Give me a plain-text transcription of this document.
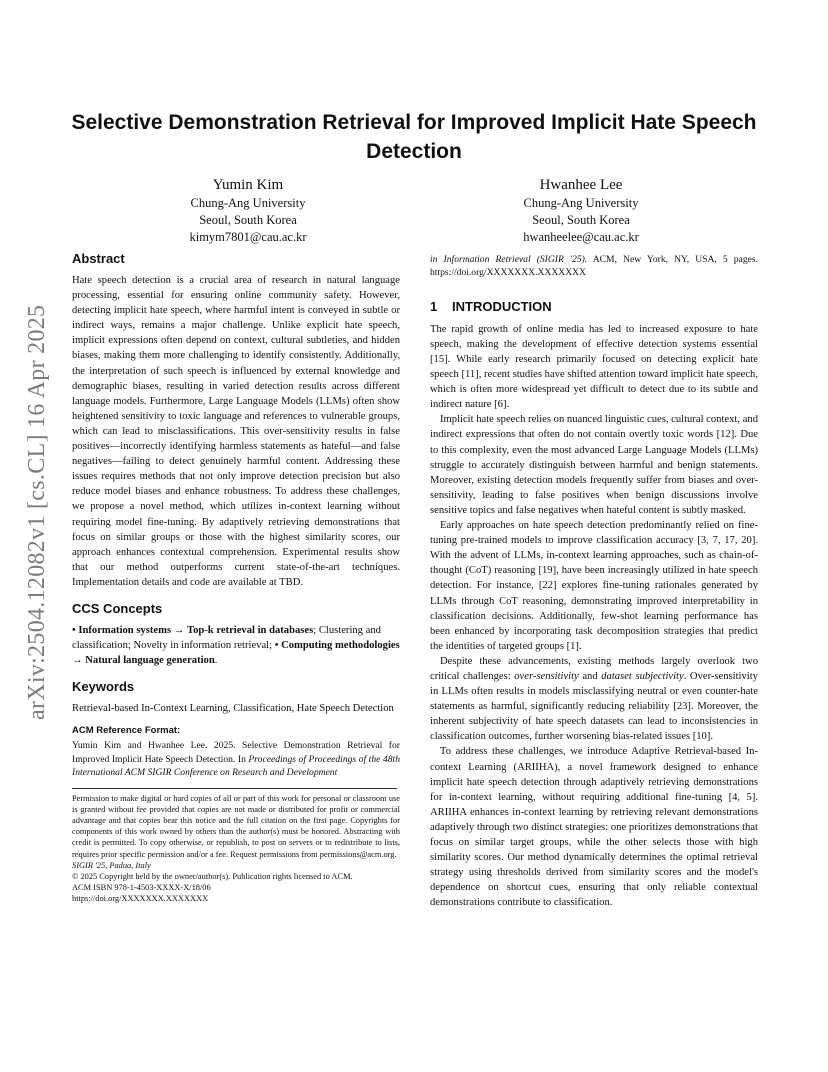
Selective Demonstration Retrieval for Improved Implicit Hate Speech Detection
Yumin Kim
Chung-Ang University
Seoul, South Korea
kimym7801@cau.ac.kr
Hwanhee Lee
Chung-Ang University
Seoul, South Korea
hwanheelee@cau.ac.kr
arXiv:2504.12082v1 [cs.CL] 16 Apr 2025
Abstract

Hate speech detection is a crucial area of research in natural language processing, essential for ensuring online community safety. However, detecting implicit hate speech, where harmful intent is conveyed in subtle or indirect ways, remains a major challenge. Unlike explicit hate speech, implicit expressions often depend on context, cultural subtleties, and hidden biases, making them more challenging to identify consistently. Additionally, the interpretation of such speech is influenced by external knowledge and demographic biases, resulting in varied detection results across different language models. Furthermore, Large Language Models (LLMs) often show heightened sensitivity to toxic language and references to vulnerable groups, which can lead to misclassifications. This over-sensitivity results in false positives—incorrectly identifying harmless statements as hateful—and false negatives—failing to detect genuinely harmful content. Addressing these issues requires methods that not only improve detection precision but also reduce model biases and enhance robustness. To address these challenges, we propose a novel method, which utilizes in-context learning without requiring model fine-tuning. By adaptively retrieving demonstrations that focus on similar groups or those with the highest similarity scores, our approach enhances contextual comprehension. Experimental results show that our method outperforms current state-of-the-art techniques. Implementation details and code are available at TBD.

CCS Concepts

• Information systems → Top-k retrieval in databases; Clustering and classification; Novelty in information retrieval; • Computing methodologies → Natural language generation.

Keywords

Retrieval-based In-Context Learning, Classification, Hate Speech Detection

ACM Reference Format:

Yumin Kim and Hwanhee Lee. 2025. Selective Demonstration Retrieval for Improved Implicit Hate Speech Detection. In Proceedings of Proceedings of the 48th International ACM SIGIR Conference on Research and Development

Permission to make digital or hard copies of all or part of this work for personal or classroom use is granted without fee provided that copies are not made or distributed for profit or commercial advantage and that copies bear this notice and the full citation on the first page. Copyrights for components of this work owned by others than the author(s) must be honored. Abstracting with credit is permitted. To copy otherwise, or republish, to post on servers or to redistribute to lists, requires prior specific permission and/or a fee. Request permissions from permissions@acm.org.

SIGIR '25, Padua, Italy

© 2025 Copyright held by the owner/author(s). Publication rights licensed to ACM.

ACM ISBN 978-1-4503-XXXX-X/18/06

https://doi.org/XXXXXXX.XXXXXXX

in Information Retrieval (SIGIR '25). ACM, New York, NY, USA, 5 pages. https://doi.org/XXXXXXX.XXXXXXX

1 INTRODUCTION

The rapid growth of online media has led to increased exposure to hate speech, making the development of effective detection systems essential [15]. While early research primarily focused on detecting explicit hate speech [11], recent studies have shifted attention toward implicit hate speech, which is often more widespread yet difficult to detect due to its subtle and indirect nature [6].

Implicit hate speech relies on nuanced linguistic cues, cultural context, and indirect expressions that often do not contain overtly toxic words [12]. Due to this complexity, even the most advanced Large Language Models (LLMs) struggle to accurately distinguish between harmful and benign statements. Moreover, existing detection models frequently suffer from biases and over-sensitivity, leading to false positives when benign discussions involve sensitive topics and false negatives when hateful content is subtly masked.

Early approaches on hate speech detection predominantly relied on fine-tuning pre-trained models to improve classification accuracy [3, 7, 17, 20]. With the advent of LLMs, in-context learning approaches, such as chain-of-thought (CoT) reasoning [19], have been increasingly utilized in hate speech detection. For instance, [22] explores fine-tuning rationales generated by LLMs through CoT reasoning, demonstrating improved interpretability in classification decisions. Additionally, few-shot learning performance has been enhanced by incorporating task decomposition strategies that predict the identities of targeted groups [1].

Despite these advancements, existing methods largely overlook two critical challenges: over-sensitivity and dataset subjectivity. Over-sensitivity in LLMs often results in models misclassifying neutral or even counter-hate statements as harmful, significantly reducing reliability [23]. Moreover, the inherent subjectivity of hate speech datasets can lead to inconsistencies in classification outcomes, further worsening bias-related issues [10].

To address these challenges, we introduce Adaptive Retrieval-based In-context Learning (ARIIHA), a novel framework designed to enhance implicit hate speech detection through adaptively retrieving demonstrations for in-context learning, without requiring additional fine-tuning [4, 5]. ARIIHA enhances in-context learning by retrieving relevant demonstrations adaptively through two distinct strategies: one prioritizes demonstrations that focus on similar target groups, while the other selects those with high similarity scores. Our method dynamically determines the optimal retrieval strategy using thresholds derived from similarity scores and the model's dependence on shortcut cues, ensuring that only reliable contextual demonstrations contribute to classification.
